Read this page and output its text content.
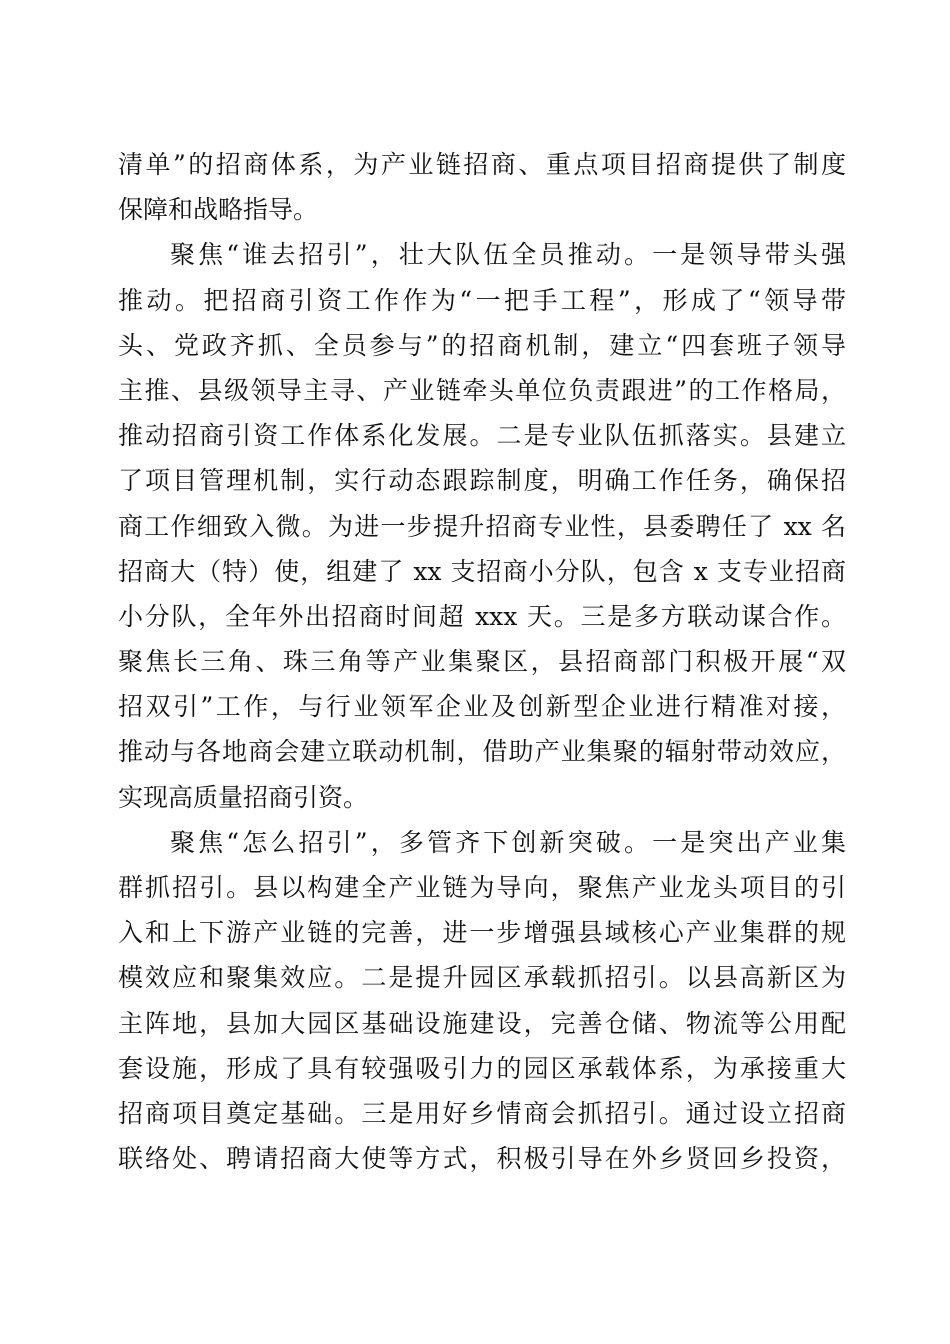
清单”的招商体系，为产业链招商、重点项目招商提供了制度
保障和战略指导。
聚焦“谁去招引”，壮大队伍全员推动。一是领导带头强
推动。把招商引资工作作为“一把手工程”，形成了“领导带
头、党政齐抓、全员参与”的招商机制，建立“四套班子领导
主推、县级领导主寻、产业链牵头单位负责跟进”的工作格局，
推动招商引资工作体系化发展。二是专业队伍抓落实。县建立
了项目管理机制，实行动态跟踪制度，明确工作任务，确保招
商工作细致入微。为进一步提升招商专业性，县委聘任了 xx 名
招商大（特）使，组建了 xx 支招商小分队，包含 x 支专业招商
小分队，全年外出招商时间超 xxx 天。三是多方联动谋合作。
聚焦长三角、珠三角等产业集聚区，县招商部门积极开展“双
招双引”工作，与行业领军企业及创新型企业进行精准对接，
推动与各地商会建立联动机制，借助产业集聚的辐射带动效应，
实现高质量招商引资。
聚焦“怎么招引”，多管齐下创新突破。一是突出产业集
群抓招引。县以构建全产业链为导向，聚焦产业龙头项目的引
入和上下游产业链的完善，进一步增强县域核心产业集群的规
模效应和聚集效应。二是提升园区承载抓招引。以县高新区为
主阵地，县加大园区基础设施建设，完善仓储、物流等公用配
套设施，形成了具有较强吸引力的园区承载体系，为承接重大
招商项目奠定基础。三是用好乡情商会抓招引。通过设立招商
联络处、聘请招商大使等方式，积极引导在外乡贤回乡投资，
